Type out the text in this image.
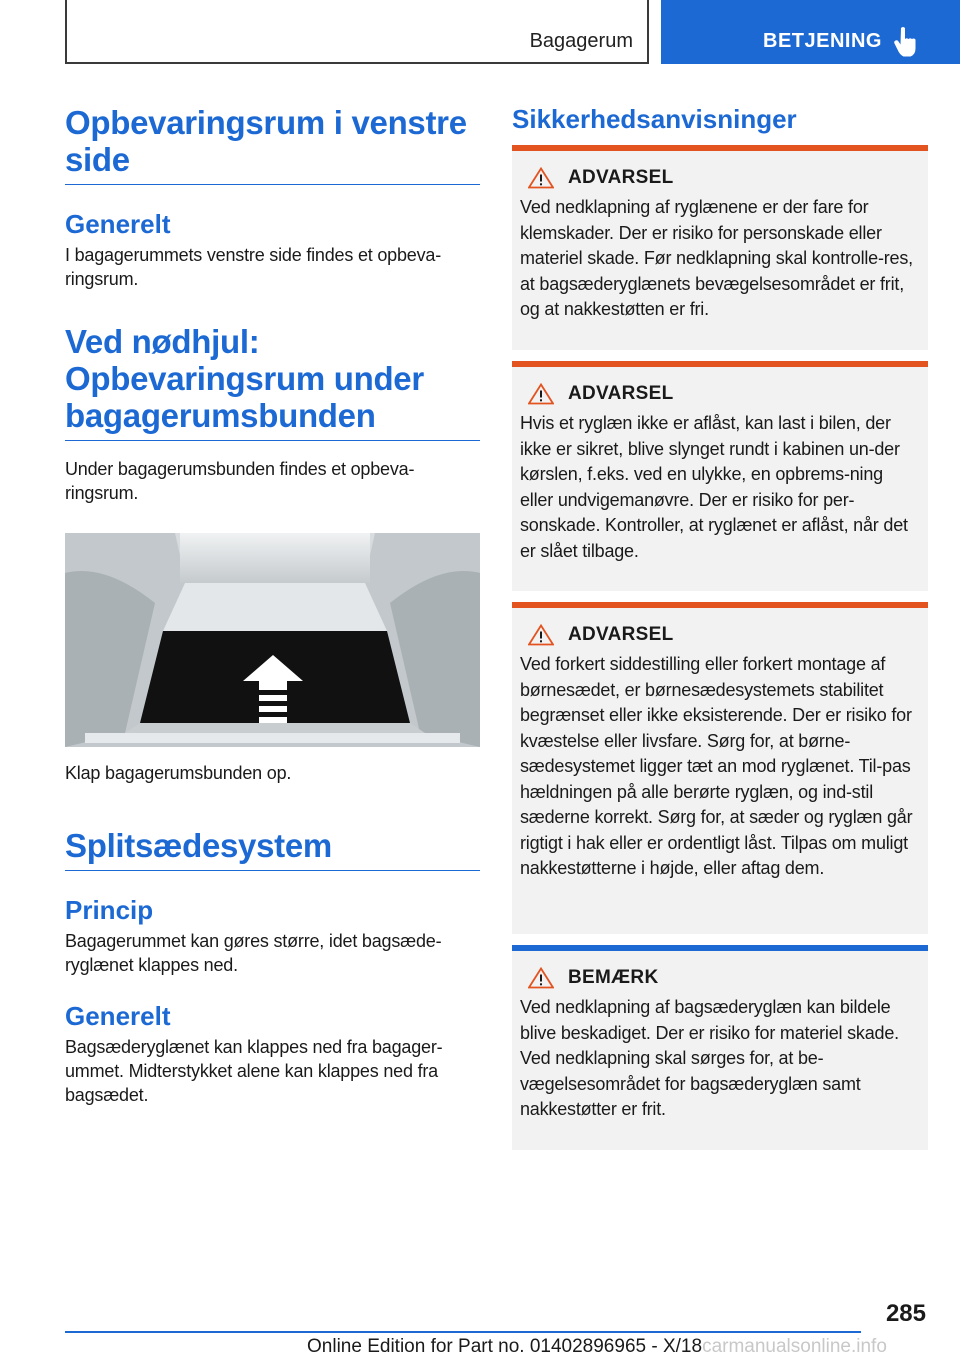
Bagagerum	BETJENING
Opbevaringsrum i venstre side
Generelt

I bagagerummets venstre side findes et opbeva‐ringsrum.

Ved nødhjul:
Opbevaringsrum under
bagagerumsbunden

Under bagagerumsbunden findes et opbeva‐ringsrum.

Klap bagagerumsbunden op.

Splitsædesystem
Princip

Bagagerummet kan gøres større, idet bagsæde‐ryglænet klappes ned.

Generelt

Bagsæderyglænet kan klappes ned fra bagager‐ummet. Midterstykket alene kan klappes ned fra bagsædet.

Sikkerhedsanvisninger
ADVARSEL

Ved nedklapning af ryglænene er der fare for klemskader. Der er risiko for personskade eller materiel skade. Før nedklapning skal kontrolle‐res, at bagsæderyglænets bevægelsesområdet er frit, og at nakkestøtten er fri.

ADVARSEL

Hvis et ryglæn ikke er aflåst, kan last i bilen, der ikke er sikret, blive slynget rundt i kabinen un‐der kørslen, f.eks. ved en ulykke, en opbrems‐ning eller undvigemanøvre. Der er risiko for per‐sonskade. Kontroller, at ryglænet er aflåst, når det er slået tilbage.

ADVARSEL

Ved forkert siddestilling eller forkert montage af børnesædet, er børnesædesystemets stabilitet begrænset eller ikke eksisterende. Der er risiko for kvæstelse eller livsfare. Sørg for, at børne‐sædesystemet ligger tæt an mod ryglænet. Til‐pas hældningen på alle berørte ryglæn, og ind‐stil sæderne korrekt. Sørg for, at sæder og ryglæn går rigtigt i hak eller er ordentligt låst. Tilpas om muligt nakkestøtterne i højde, eller aftag dem.

BEMÆRK

Ved nedklapning af bagsæderyglæn kan bildele blive beskadiget. Der er risiko for materiel skade. Ved nedklapning skal sørges for, at be‐vægelsesområdet for bagsæderyglæn samt nakkestøtter er frit.

285
Online Edition for Part no. 01402896965 - X/18carmanualsonline.info
